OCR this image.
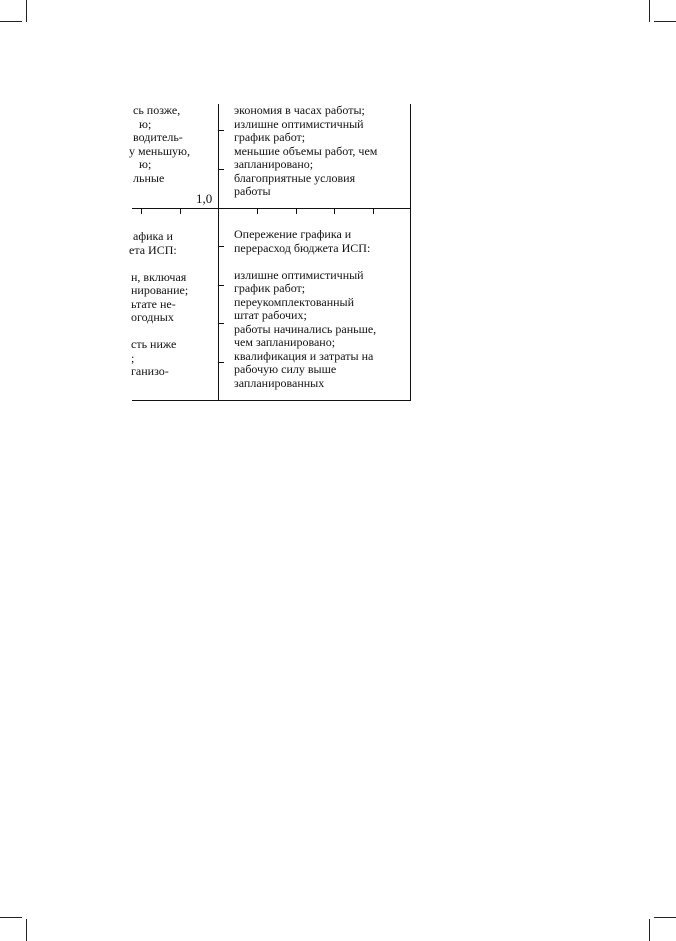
сь позже,
ю;
водитель-
у меньшую,
ю;
льные
1,0
экономия в часах работы;
излишне оптимистичный
график работ;
меньшие объемы работ, чем
запланировано;
благоприятные условия
работы
афика и
ета ИСП:
н, включая
нирование;
ьтате не-
огодных
сть ниже
;
ганизо-
Опережение графика и
перерасход бюджета ИСП:
излишне оптимистичный
график работ;
переукомплектованный
штат рабочих;
работы начинались раньше,
чем запланировано;
квалификация и затраты на
рабочую силу выше
запланированных
